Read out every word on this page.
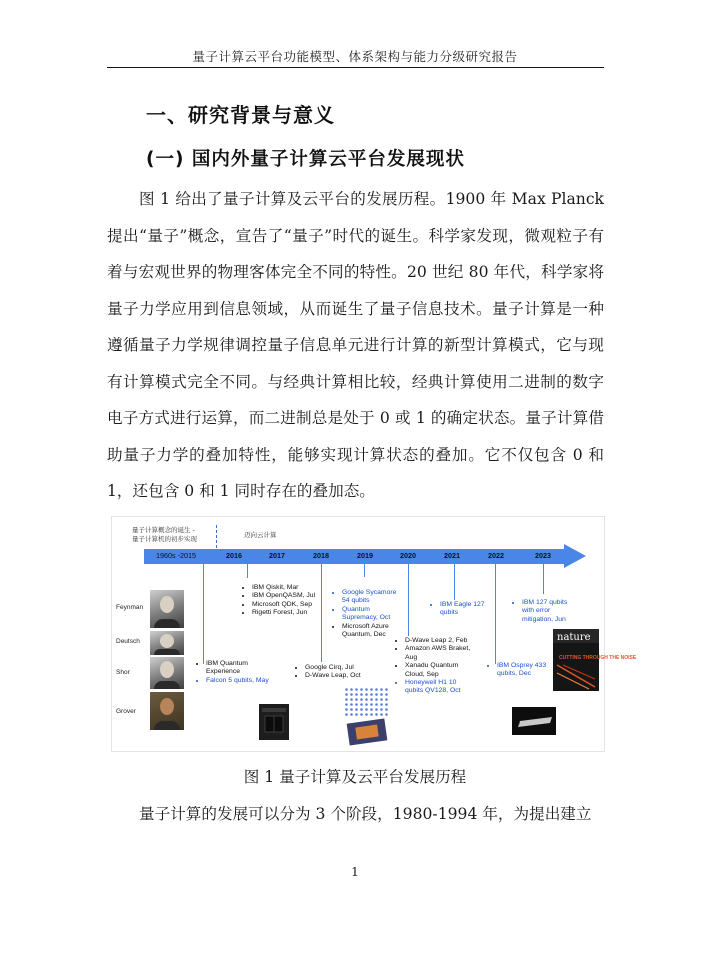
量子计算云平台功能模型、体系架构与能力分级研究报告
一、研究背景与意义
(一) 国内外量子计算云平台发展现状
图 1 给出了量子计算及云平台的发展历程。1900 年 Max Planck 提出“量子”概念，宣告了“量子”时代的诞生。科学家发现，微观粒子有着与宏观世界的物理客体完全不同的特性。20 世纪 80 年代，科学家将量子力学应用到信息领域，从而诞生了量子信息技术。量子计算是一种遵循量子力学规律调控量子信息单元进行计算的新型计算模式，它与现有计算模式完全不同。与经典计算相比较，经典计算使用二进制的数字电子方式进行运算，而二进制总是处于 0 或 1 的确定状态。量子计算借助量子力学的叠加特性，能够实现计算状态的叠加。它不仅包含 0 和 1，还包含 0 和 1 同时存在的叠加态。
量子计算概念的诞生 -
量子计算机的初步实现	迈向云计算
1960s -2015	2016	2017	2018	2019	2020	2021	2022	2023
• IBM Quantum Experience
• Falcon 5 qubits, May
• IBM Qiskit, Mar
• IBM OpenQASM, Jul
• Microsoft QDK, Sep
• Rigetti Forest, Jun
• Google Cirq, Jul
• D-Wave Leap, Oct
• Google Sycamore 54 qubits
• Quantum Supremacy, Oct
• Microsoft Azure Quantum, Dec
• D-Wave Leap 2, Feb
• Amazon AWS Braket, Aug
• Xanadu Quantum Cloud, Sep
• Honeywell H1 10 qubits QV128, Oct
• IBM Eagle 127 qubits
• IBM Osprey 433 qubits, Dec
• IBM 127 qubits with error mitigation, Jun
Feynman
Deutsch
Shor
Grover
nature
CUTTING THROUGH THE NOISE
图 1 量子计算及云平台发展历程
量子计算的发展可以分为 3 个阶段，1980-1994 年，为提出建立
1
